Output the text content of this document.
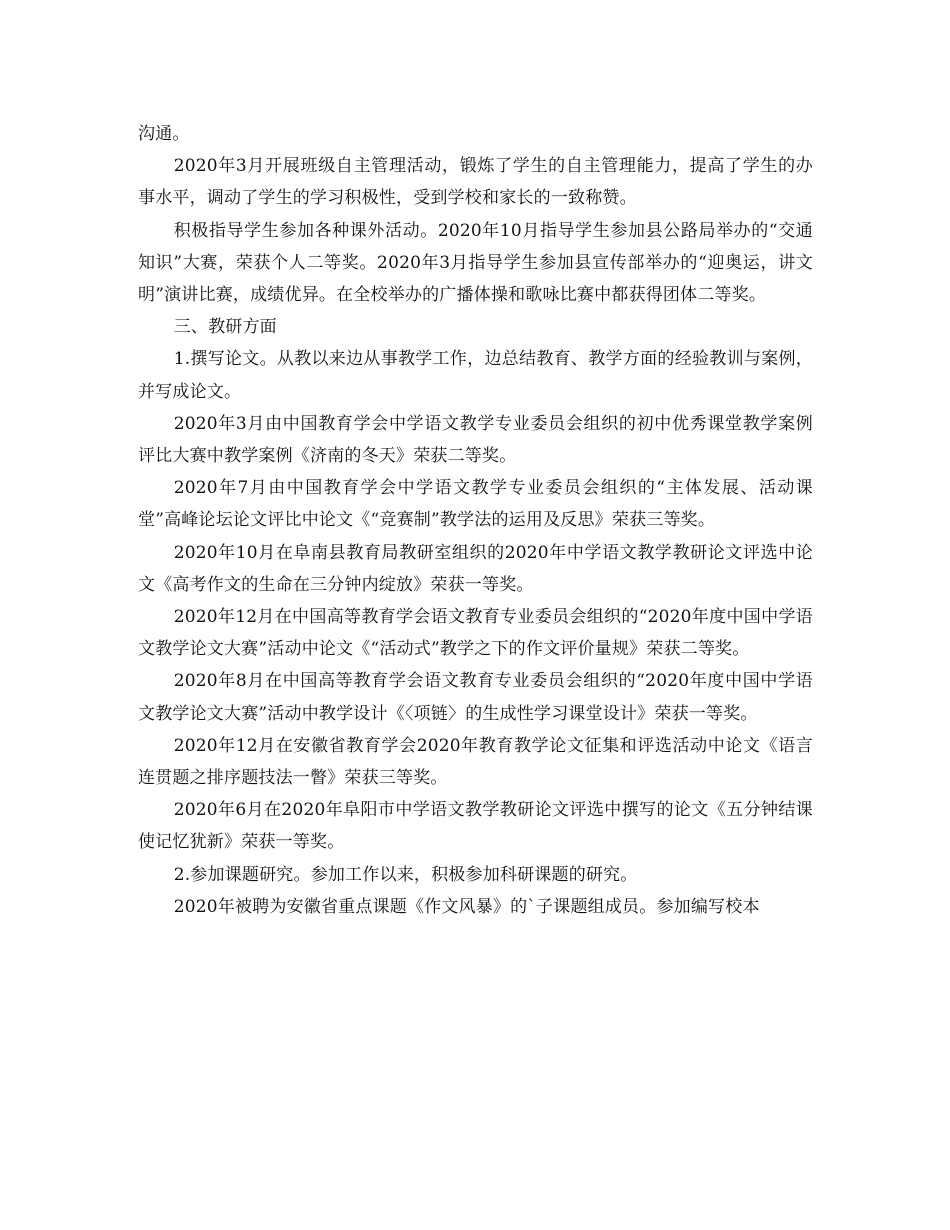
沟通。

2020年3月开展班级自主管理活动，锻炼了学生的自主管理能力，提高了学生的办事水平，调动了学生的学习积极性，受到学校和家长的一致称赞。

积极指导学生参加各种课外活动。2020年10月指导学生参加县公路局举办的“交通知识”大赛，荣获个人二等奖。2020年3月指导学生参加县宣传部举办的“迎奥运，讲文明”演讲比赛，成绩优异。在全校举办的广播体操和歌咏比赛中都获得团体二等奖。

三、教研方面

1.撰写论文。从教以来边从事教学工作，边总结教育、教学方面的经验教训与案例，并写成论文。

2020年3月由中国教育学会中学语文教学专业委员会组织的初中优秀课堂教学案例评比大赛中教学案例《济南的冬天》荣获二等奖。

2020年7月由中国教育学会中学语文教学专业委员会组织的“主体发展、活动课堂”高峰论坛论文评比中论文《“竞赛制”教学法的运用及反思》荣获三等奖。

2020年10月在阜南县教育局教研室组织的2020年中学语文教学教研论文评选中论文《高考作文的生命在三分钟内绽放》荣获一等奖。

2020年12月在中国高等教育学会语文教育专业委员会组织的“2020年度中国中学语文教学论文大赛”活动中论文《“活动式”教学之下的作文评价量规》荣获二等奖。

2020年8月在中国高等教育学会语文教育专业委员会组织的“2020年度中国中学语文教学论文大赛”活动中教学设计《〈项链〉的生成性学习课堂设计》荣获一等奖。

2020年12月在安徽省教育学会2020年教育教学论文征集和评选活动中论文《语言连贯题之排序题技法一瞥》荣获三等奖。

2020年6月在2020年阜阳市中学语文教学教研论文评选中撰写的论文《五分钟结课使记忆犹新》荣获一等奖。

2.参加课题研究。参加工作以来，积极参加科研课题的研究。

2020年被聘为安徽省重点课题《作文风暴》的`子课题组成员。参加编写校本
